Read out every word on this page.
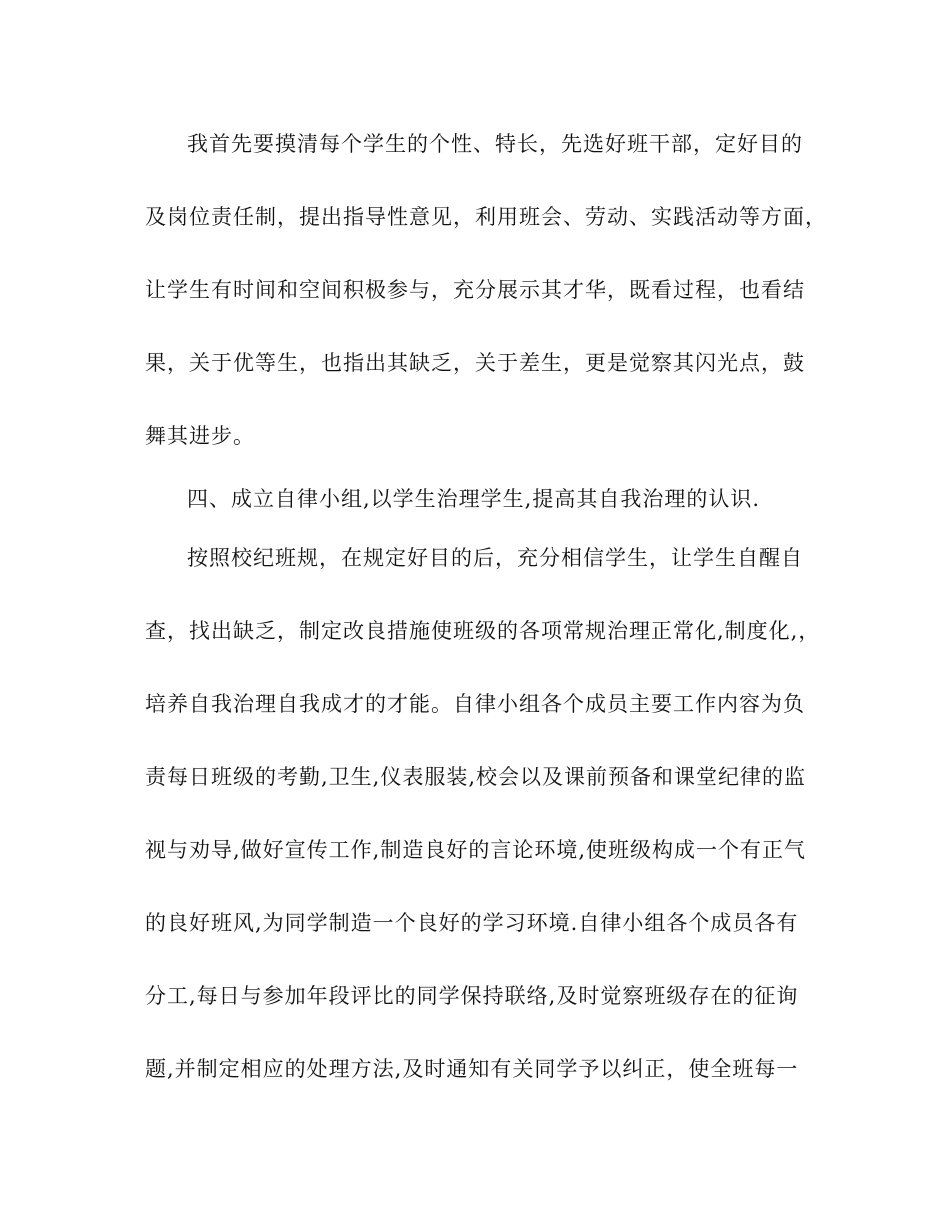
我首先要摸清每个学生的个性、特长，先选好班干部，定好目的
及岗位责任制，提出指导性意见，利用班会、劳动、实践活动等方面，
让学生有时间和空间积极参与，充分展示其才华，既看过程，也看结
果，关于优等生，也指出其缺乏，关于差生，更是觉察其闪光点，鼓
舞其进步。
四、成立自律小组,以学生治理学生,提高其自我治理的认识.
按照校纪班规，在规定好目的后，充分相信学生，让学生自醒自
查，找出缺乏，制定改良措施使班级的各项常规治理正常化,制度化,，
培养自我治理自我成才的才能。自律小组各个成员主要工作内容为负
责每日班级的考勤,卫生,仪表服装,校会以及课前预备和课堂纪律的监
视与劝导,做好宣传工作,制造良好的言论环境,使班级构成一个有正气
的良好班风,为同学制造一个良好的学习环境.自律小组各个成员各有
分工,每日与参加年段评比的同学保持联络,及时觉察班级存在的征询
题,并制定相应的处理方法,及时通知有关同学予以纠正，使全班每一
